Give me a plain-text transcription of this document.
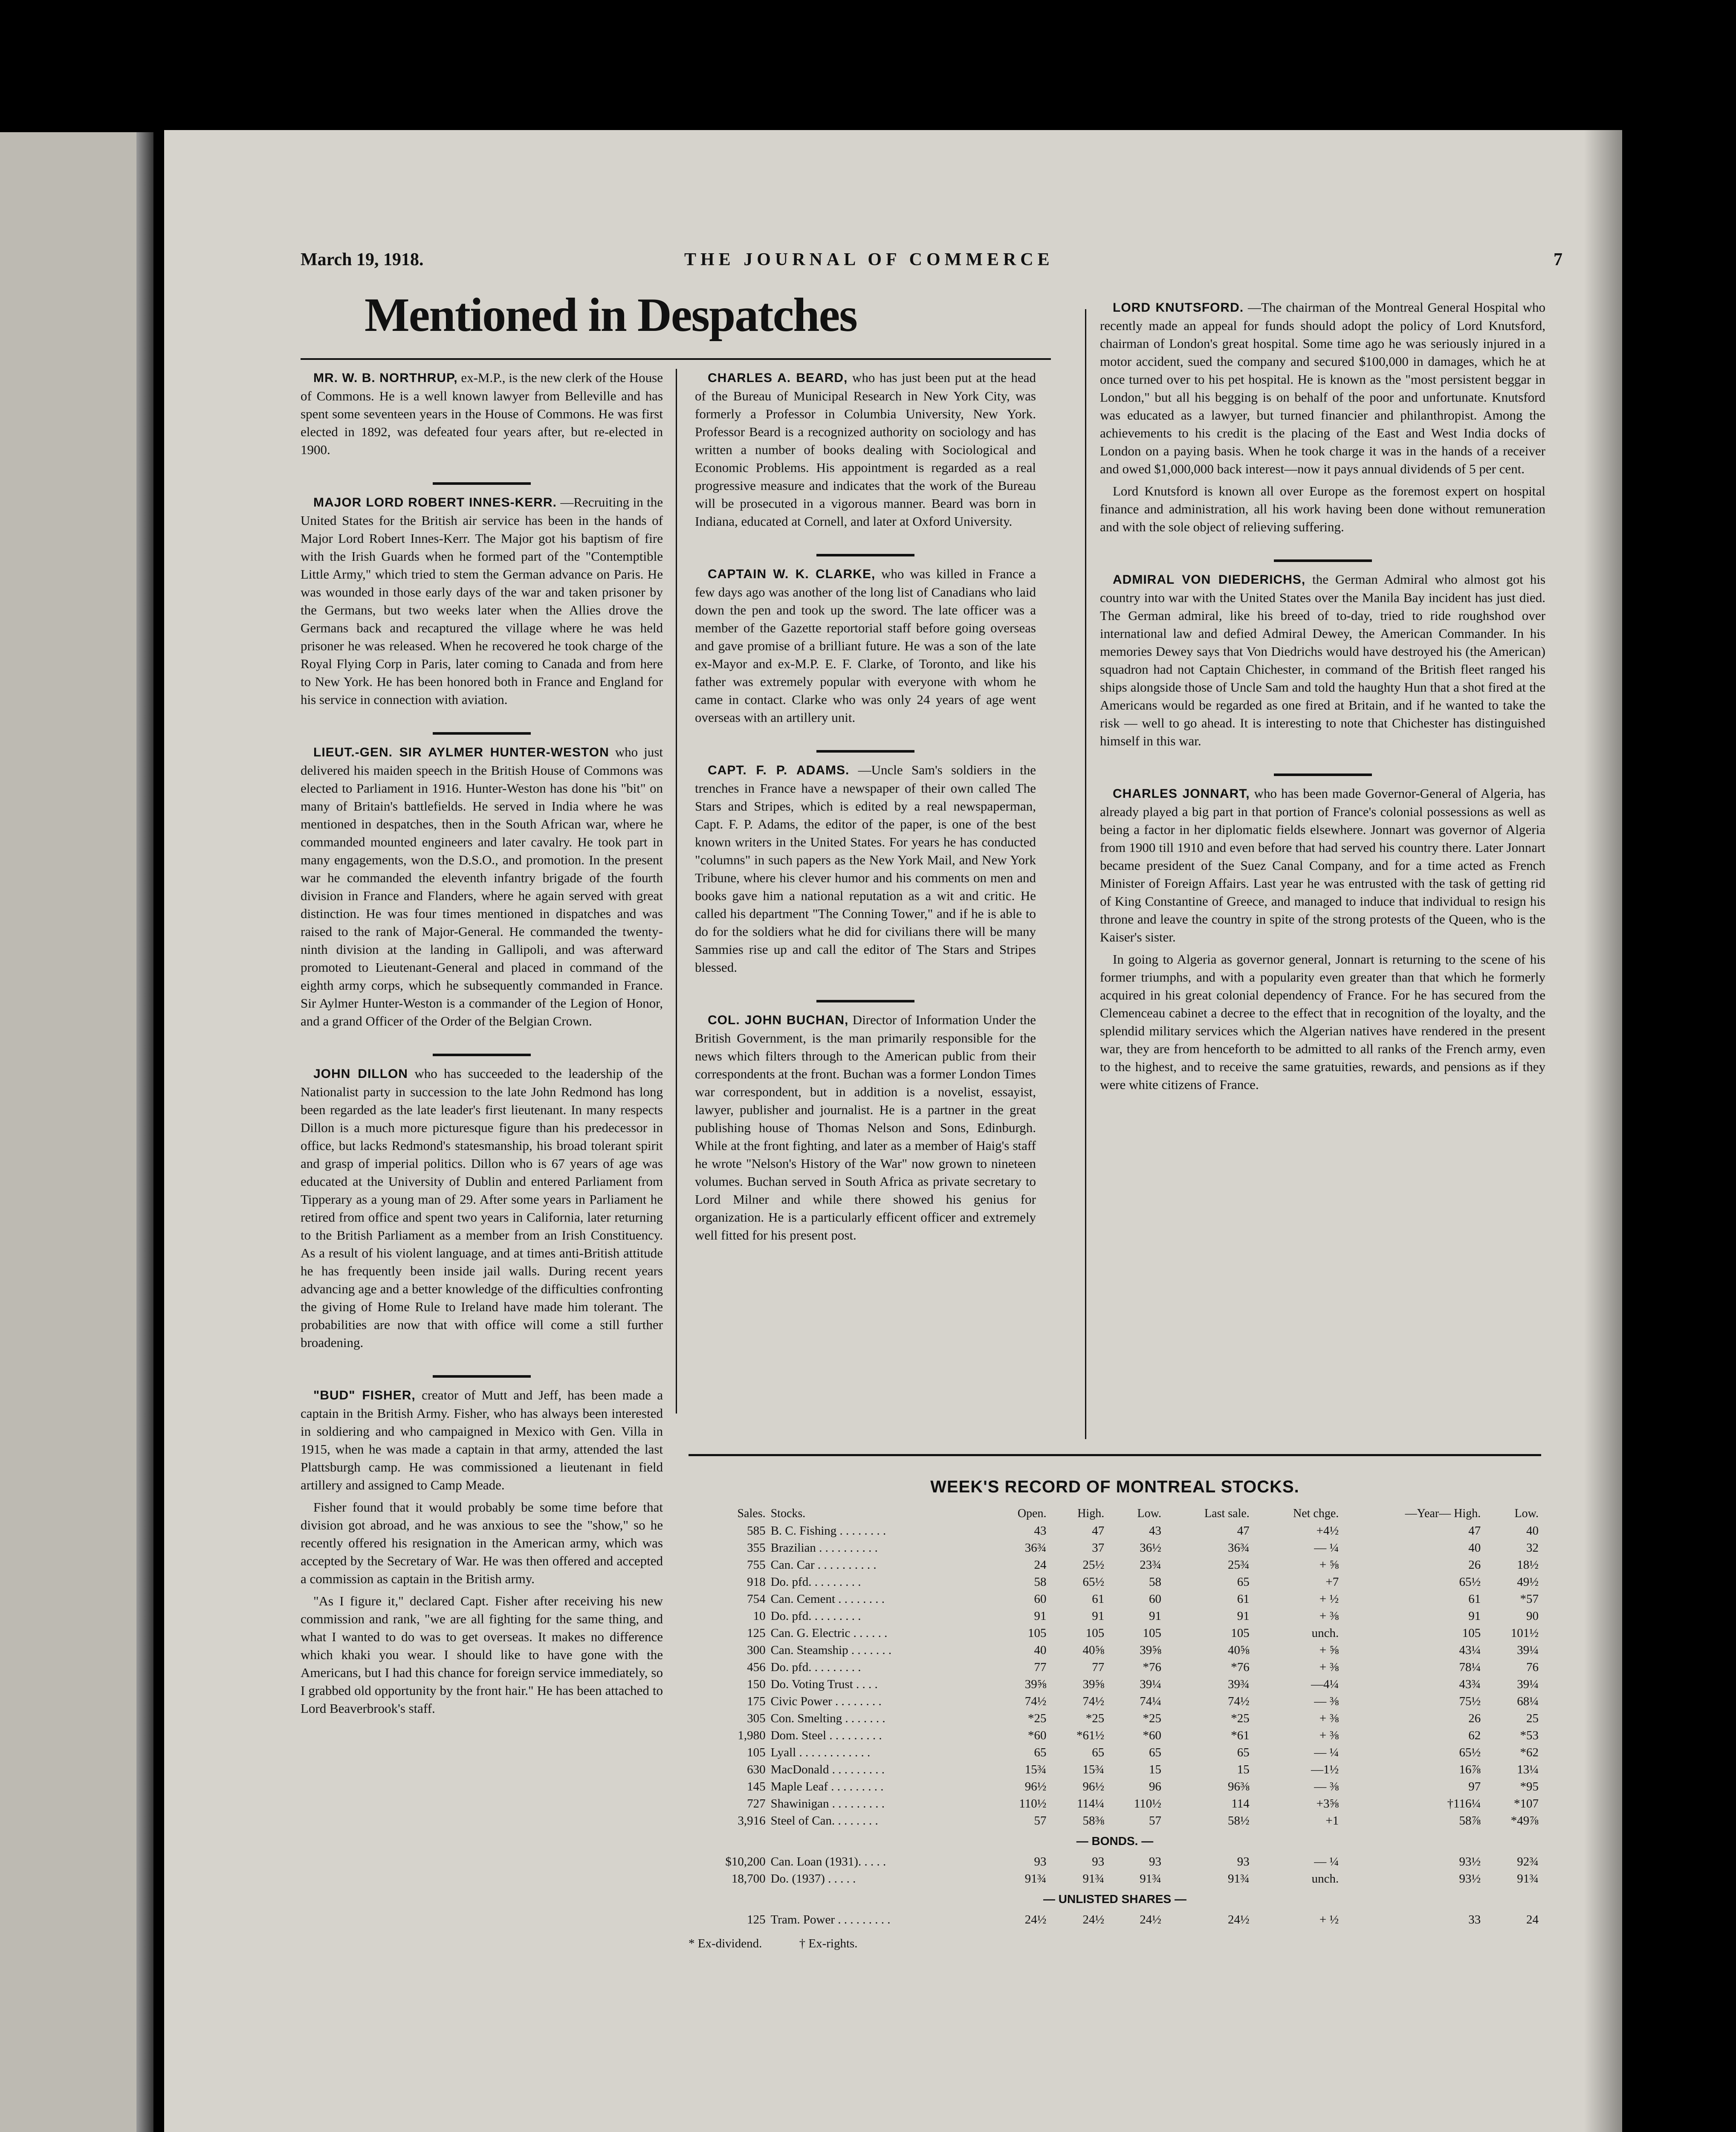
March 19, 1918.	THE JOURNAL OF COMMERCE	7
Mentioned in Despatches

MR. W. B. NORTHRUP, ex-M.P., is the new clerk of the House of Commons. He is a well known lawyer from Belleville and has spent some seventeen years in the House of Commons. He was first elected in 1892, was defeated four years after, but re-elected in 1900.

MAJOR LORD ROBERT INNES-KERR. —Recruiting in the United States for the British air service has been in the hands of Major Lord Robert Innes-Kerr. The Major got his baptism of fire with the Irish Guards when he formed part of the "Contemptible Little Army," which tried to stem the German advance on Paris. He was wounded in those early days of the war and taken prisoner by the Germans, but two weeks later when the Allies drove the Germans back and recaptured the village where he was held prisoner he was released. When he recovered he took charge of the Royal Flying Corp in Paris, later coming to Canada and from here to New York. He has been honored both in France and England for his service in connection with aviation.

LIEUT.-GEN. SIR AYLMER HUNTER-WESTON who just delivered his maiden speech in the British House of Commons was elected to Parliament in 1916. Hunter-Weston has done his "bit" on many of Britain's battlefields. He served in India where he was mentioned in despatches, then in the South African war, where he commanded mounted engineers and later cavalry. He took part in many engagements, won the D.S.O., and promotion. In the present war he commanded the eleventh infantry brigade of the fourth division in France and Flanders, where he again served with great distinction. He was four times mentioned in dispatches and was raised to the rank of Major-General. He commanded the twenty-ninth division at the landing in Gallipoli, and was afterward promoted to Lieutenant-General and placed in command of the eighth army corps, which he subsequently commanded in France. Sir Aylmer Hunter-Weston is a commander of the Legion of Honor, and a grand Officer of the Order of the Belgian Crown.

JOHN DILLON who has succeeded to the leadership of the Nationalist party in succession to the late John Redmond has long been regarded as the late leader's first lieutenant. In many respects Dillon is a much more picturesque figure than his predecessor in office, but lacks Redmond's statesmanship, his broad tolerant spirit and grasp of imperial politics. Dillon who is 67 years of age was educated at the University of Dublin and entered Parliament from Tipperary as a young man of 29. After some years in Parliament he retired from office and spent two years in California, later returning to the British Parliament as a member from an Irish Constituency. As a result of his violent language, and at times anti-British attitude he has frequently been inside jail walls. During recent years advancing age and a better knowledge of the difficulties confronting the giving of Home Rule to Ireland have made him tolerant. The probabilities are now that with office will come a still further broadening.

"BUD" FISHER, creator of Mutt and Jeff, has been made a captain in the British Army. Fisher, who has always been interested in soldiering and who campaigned in Mexico with Gen. Villa in 1915, when he was made a captain in that army, attended the last Plattsburgh camp. He was commissioned a lieutenant in field artillery and assigned to Camp Meade.

Fisher found that it would probably be some time before that division got abroad, and he was anxious to see the "show," so he recently offered his resignation in the American army, which was accepted by the Secretary of War. He was then offered and accepted a commission as captain in the British army.

"As I figure it," declared Capt. Fisher after receiving his new commission and rank, "we are all fighting for the same thing, and what I wanted to do was to get overseas. It makes no difference which khaki you wear. I should like to have gone with the Americans, but I had this chance for foreign service immediately, so I grabbed old opportunity by the front hair." He has been attached to Lord Beaverbrook's staff.

CHARLES A. BEARD, who has just been put at the head of the Bureau of Municipal Research in New York City, was formerly a Professor in Columbia University, New York. Professor Beard is a recognized authority on sociology and has written a number of books dealing with Sociological and Economic Problems. His appointment is regarded as a real progressive measure and indicates that the work of the Bureau will be prosecuted in a vigorous manner. Beard was born in Indiana, educated at Cornell, and later at Oxford University.

CAPTAIN W. K. CLARKE, who was killed in France a few days ago was another of the long list of Canadians who laid down the pen and took up the sword. The late officer was a member of the Gazette reportorial staff before going overseas and gave promise of a brilliant future. He was a son of the late ex-Mayor and ex-M.P. E. F. Clarke, of Toronto, and like his father was extremely popular with everyone with whom he came in contact. Clarke who was only 24 years of age went overseas with an artillery unit.

CAPT. F. P. ADAMS. —Uncle Sam's soldiers in the trenches in France have a newspaper of their own called The Stars and Stripes, which is edited by a real newspaperman, Capt. F. P. Adams, the editor of the paper, is one of the best known writers in the United States. For years he has conducted "columns" in such papers as the New York Mail, and New York Tribune, where his clever humor and his comments on men and books gave him a national reputation as a wit and critic. He called his department "The Conning Tower," and if he is able to do for the soldiers what he did for civilians there will be many Sammies rise up and call the editor of The Stars and Stripes blessed.

COL. JOHN BUCHAN, Director of Information Under the British Government, is the man primarily responsible for the news which filters through to the American public from their correspondents at the front. Buchan was a former London Times war correspondent, but in addition is a novelist, essayist, lawyer, publisher and journalist. He is a partner in the great publishing house of Thomas Nelson and Sons, Edinburgh. While at the front fighting, and later as a member of Haig's staff he wrote "Nelson's History of the War" now grown to nineteen volumes. Buchan served in South Africa as private secretary to Lord Milner and while there showed his genius for organization. He is a particularly efficent officer and extremely well fitted for his present post.

LORD KNUTSFORD. —The chairman of the Montreal General Hospital who recently made an appeal for funds should adopt the policy of Lord Knutsford, chairman of London's great hospital. Some time ago he was seriously injured in a motor accident, sued the company and secured $100,000 in damages, which he at once turned over to his pet hospital. He is known as the "most persistent beggar in London," but all his begging is on behalf of the poor and unfortunate. Knutsford was educated as a lawyer, but turned financier and philanthropist. Among the achievements to his credit is the placing of the East and West India docks of London on a paying basis. When he took charge it was in the hands of a receiver and owed $1,000,000 back interest—now it pays annual dividends of 5 per cent.

Lord Knutsford is known all over Europe as the foremost expert on hospital finance and administration, all his work having been done without remuneration and with the sole object of relieving suffering.

ADMIRAL VON DIEDERICHS, the German Admiral who almost got his country into war with the United States over the Manila Bay incident has just died. The German admiral, like his breed of to-day, tried to ride roughshod over international law and defied Admiral Dewey, the American Commander. In his memories Dewey says that Von Diedrichs would have destroyed his (the American) squadron had not Captain Chichester, in command of the British fleet ranged his ships alongside those of Uncle Sam and told the haughty Hun that a shot fired at the Americans would be regarded as one fired at Britain, and if he wanted to take the risk — well to go ahead. It is interesting to note that Chichester has distinguished himself in this war.

CHARLES JONNART, who has been made Governor-General of Algeria, has already played a big part in that portion of France's colonial possessions as well as being a factor in her diplomatic fields elsewhere. Jonnart was governor of Algeria from 1900 till 1910 and even before that had served his country there. Later Jonnart became president of the Suez Canal Company, and for a time acted as French Minister of Foreign Affairs. Last year he was entrusted with the task of getting rid of King Constantine of Greece, and managed to induce that individual to resign his throne and leave the country in spite of the strong protests of the Queen, who is the Kaiser's sister.

In going to Algeria as governor general, Jonnart is returning to the scene of his former triumphs, and with a popularity even greater than that which he formerly acquired in his great colonial dependency of France. For he has secured from the Clemenceau cabinet a decree to the effect that in recognition of the loyalty, and the splendid military services which the Algerian natives have rendered in the present war, they are from henceforth to be admitted to all ranks of the French army, even to the highest, and to receive the same gratuities, rewards, and pensions as if they were white citizens of France.

WEEK'S RECORD OF MONTREAL STOCKS.
Sales.	Stocks.	Open.	High.	Low.	Last sale.	Net chge.	—Year— High.	Low.
585	B. C. Fishing . . . . . . . .	43	47	43	47	+4½	47	40
355	Brazilian . . . . . . . . . .	36¾	37	36½	36¾	— ¼	40	32
755	Can. Car . . . . . . . . . .	24	25½	23¾	25¾	+ ⅝	26	18½
918	Do. pfd. . . . . . . . .	58	65½	58	65	+7	65½	49½
754	Can. Cement . . . . . . . .	60	61	60	61	+ ½	61	*57
10	Do. pfd. . . . . . . . .	91	91	91	91	+ ⅜	91	90
125	Can. G. Electric . . . . . .	105	105	105	105	unch.	105	101½
300	Can. Steamship . . . . . . .	40	40⅝	39⅝	40⅝	+ ⅝	43¼	39¼
456	Do. pfd. . . . . . . . .	77	77	*76	*76	+ ⅜	78¼	76
150	Do. Voting Trust . . . .	39⅝	39⅝	39¼	39¾	—4¼	43¾	39¼
175	Civic Power . . . . . . . .	74½	74½	74¼	74½	— ⅜	75½	68¼
305	Con. Smelting . . . . . . .	*25	*25	*25	*25	+ ⅜	26	25
1,980	Dom. Steel . . . . . . . . .	*60	*61½	*60	*61	+ ⅜	62	*53
105	Lyall . . . . . . . . . . . .	65	65	65	65	— ¼	65½	*62
630	MacDonald . . . . . . . . .	15¾	15¾	15	15	—1½	16⅞	13¼
145	Maple Leaf . . . . . . . . .	96½	96½	96	96⅜	— ⅜	97	*95
727	Shawinigan . . . . . . . . .	110½	114¼	110½	114	+3⅝	†116¼	*107
3,916	Steel of Can. . . . . . . .	57	58⅜	57	58½	+1	58⅞	*49⅞
— BONDS. —								
$10,200	Can. Loan (1931). . . . .	93	93	93	93	— ¼	93½	92¾
18,700	Do. (1937) . . . . .	91¾	91¾	91¾	91¾	unch.	93½	91¾
— UNLISTED SHARES —								
125	Tram. Power . . . . . . . . .	24½	24½	24½	24½	+ ½	33	24
* Ex-dividend.	† Ex-rights.
